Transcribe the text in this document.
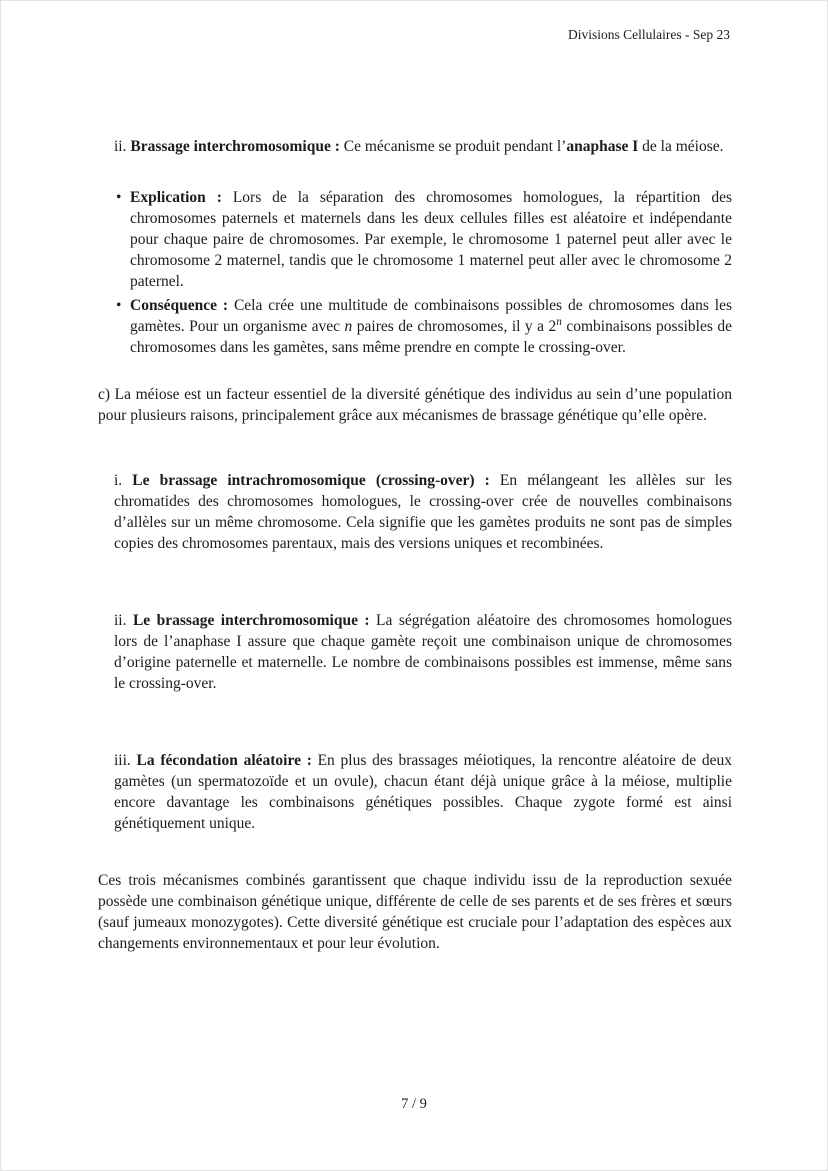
Divisions Cellulaires - Sep 23

ii. Brassage interchromosomique : Ce mécanisme se produit pendant l’anaphase I de la méiose.

• Explication : Lors de la séparation des chromosomes homologues, la répartition des chromosomes paternels et maternels dans les deux cellules filles est aléatoire et indépendante pour chaque paire de chromosomes. Par exemple, le chromosome 1 paternel peut aller avec le chromosome 2 maternel, tandis que le chromosome 1 maternel peut aller avec le chromosome 2 paternel.
• Conséquence : Cela crée une multitude de combinaisons possibles de chromosomes dans les gamètes. Pour un organisme avec n paires de chromosomes, il y a 2$^n$ combinaisons possibles de chromosomes dans les gamètes, sans même prendre en compte le crossing-over.

c) La méiose est un facteur essentiel de la diversité génétique des individus au sein d’une population pour plusieurs raisons, principalement grâce aux mécanismes de brassage génétique qu’elle opère.

i. Le brassage intrachromosomique (crossing-over) : En mélangeant les allèles sur les chromatides des chromosomes homologues, le crossing-over crée de nouvelles combinaisons d’allèles sur un même chromosome. Cela signifie que les gamètes produits ne sont pas de simples copies des chromosomes parentaux, mais des versions uniques et recombinées.

ii. Le brassage interchromosomique : La ségrégation aléatoire des chromosomes homologues lors de l’anaphase I assure que chaque gamète reçoit une combinaison unique de chromosomes d’origine paternelle et maternelle. Le nombre de combinaisons possibles est immense, même sans le crossing-over.

iii. La fécondation aléatoire : En plus des brassages méiotiques, la rencontre aléatoire de deux gamètes (un spermatozoïde et un ovule), chacun étant déjà unique grâce à la méiose, multiplie encore davantage les combinaisons génétiques possibles. Chaque zygote formé est ainsi génétiquement unique.

Ces trois mécanismes combinés garantissent que chaque individu issu de la reproduction sexuée possède une combinaison génétique unique, différente de celle de ses parents et de ses frères et sœurs (sauf jumeaux monozygotes). Cette diversité génétique est cruciale pour l’adaptation des espèces aux changements environnementaux et pour leur évolution.

7 / 9
